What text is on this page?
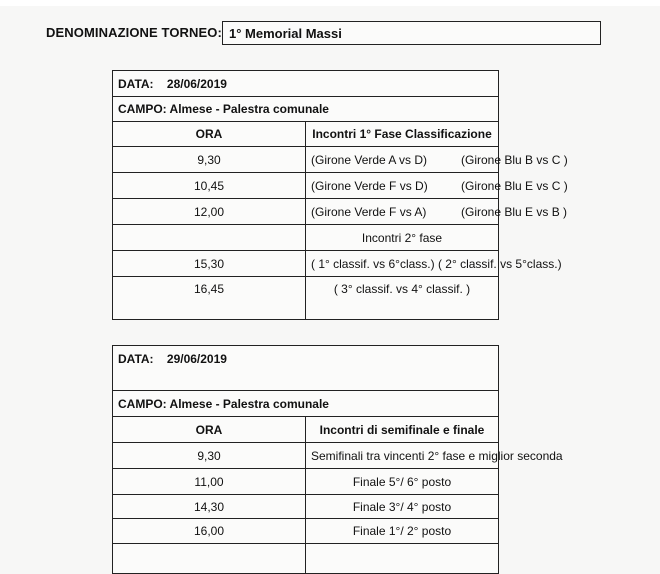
DENOMINAZIONE TORNEO: 1° Memorial Massi
DATA: 28/06/2019	
CAMPO: Almese - Palestra comunale	
ORA	Incontri 1° Fase Classificazione
9,30	(Girone Verde A vs D) (Girone Blu B vs C )
10,45	(Girone Verde F vs D) (Girone Blu E vs C )
12,00	(Girone Verde F vs A) (Girone Blu E vs B )
	Incontri 2° fase
15,30	( 1° classif. vs 6°class.) ( 2° classif. vs 5°class.)
16,45	( 3° classif. vs 4° classif. )
DATA: 29/06/2019	
CAMPO: Almese - Palestra comunale	
ORA	Incontri di semifinale e finale
9,30	Semifinali tra vincenti 2° fase e miglior seconda
11,00	Finale 5°/ 6° posto
14,30	Finale 3°/ 4° posto
16,00	Finale 1°/ 2° posto
